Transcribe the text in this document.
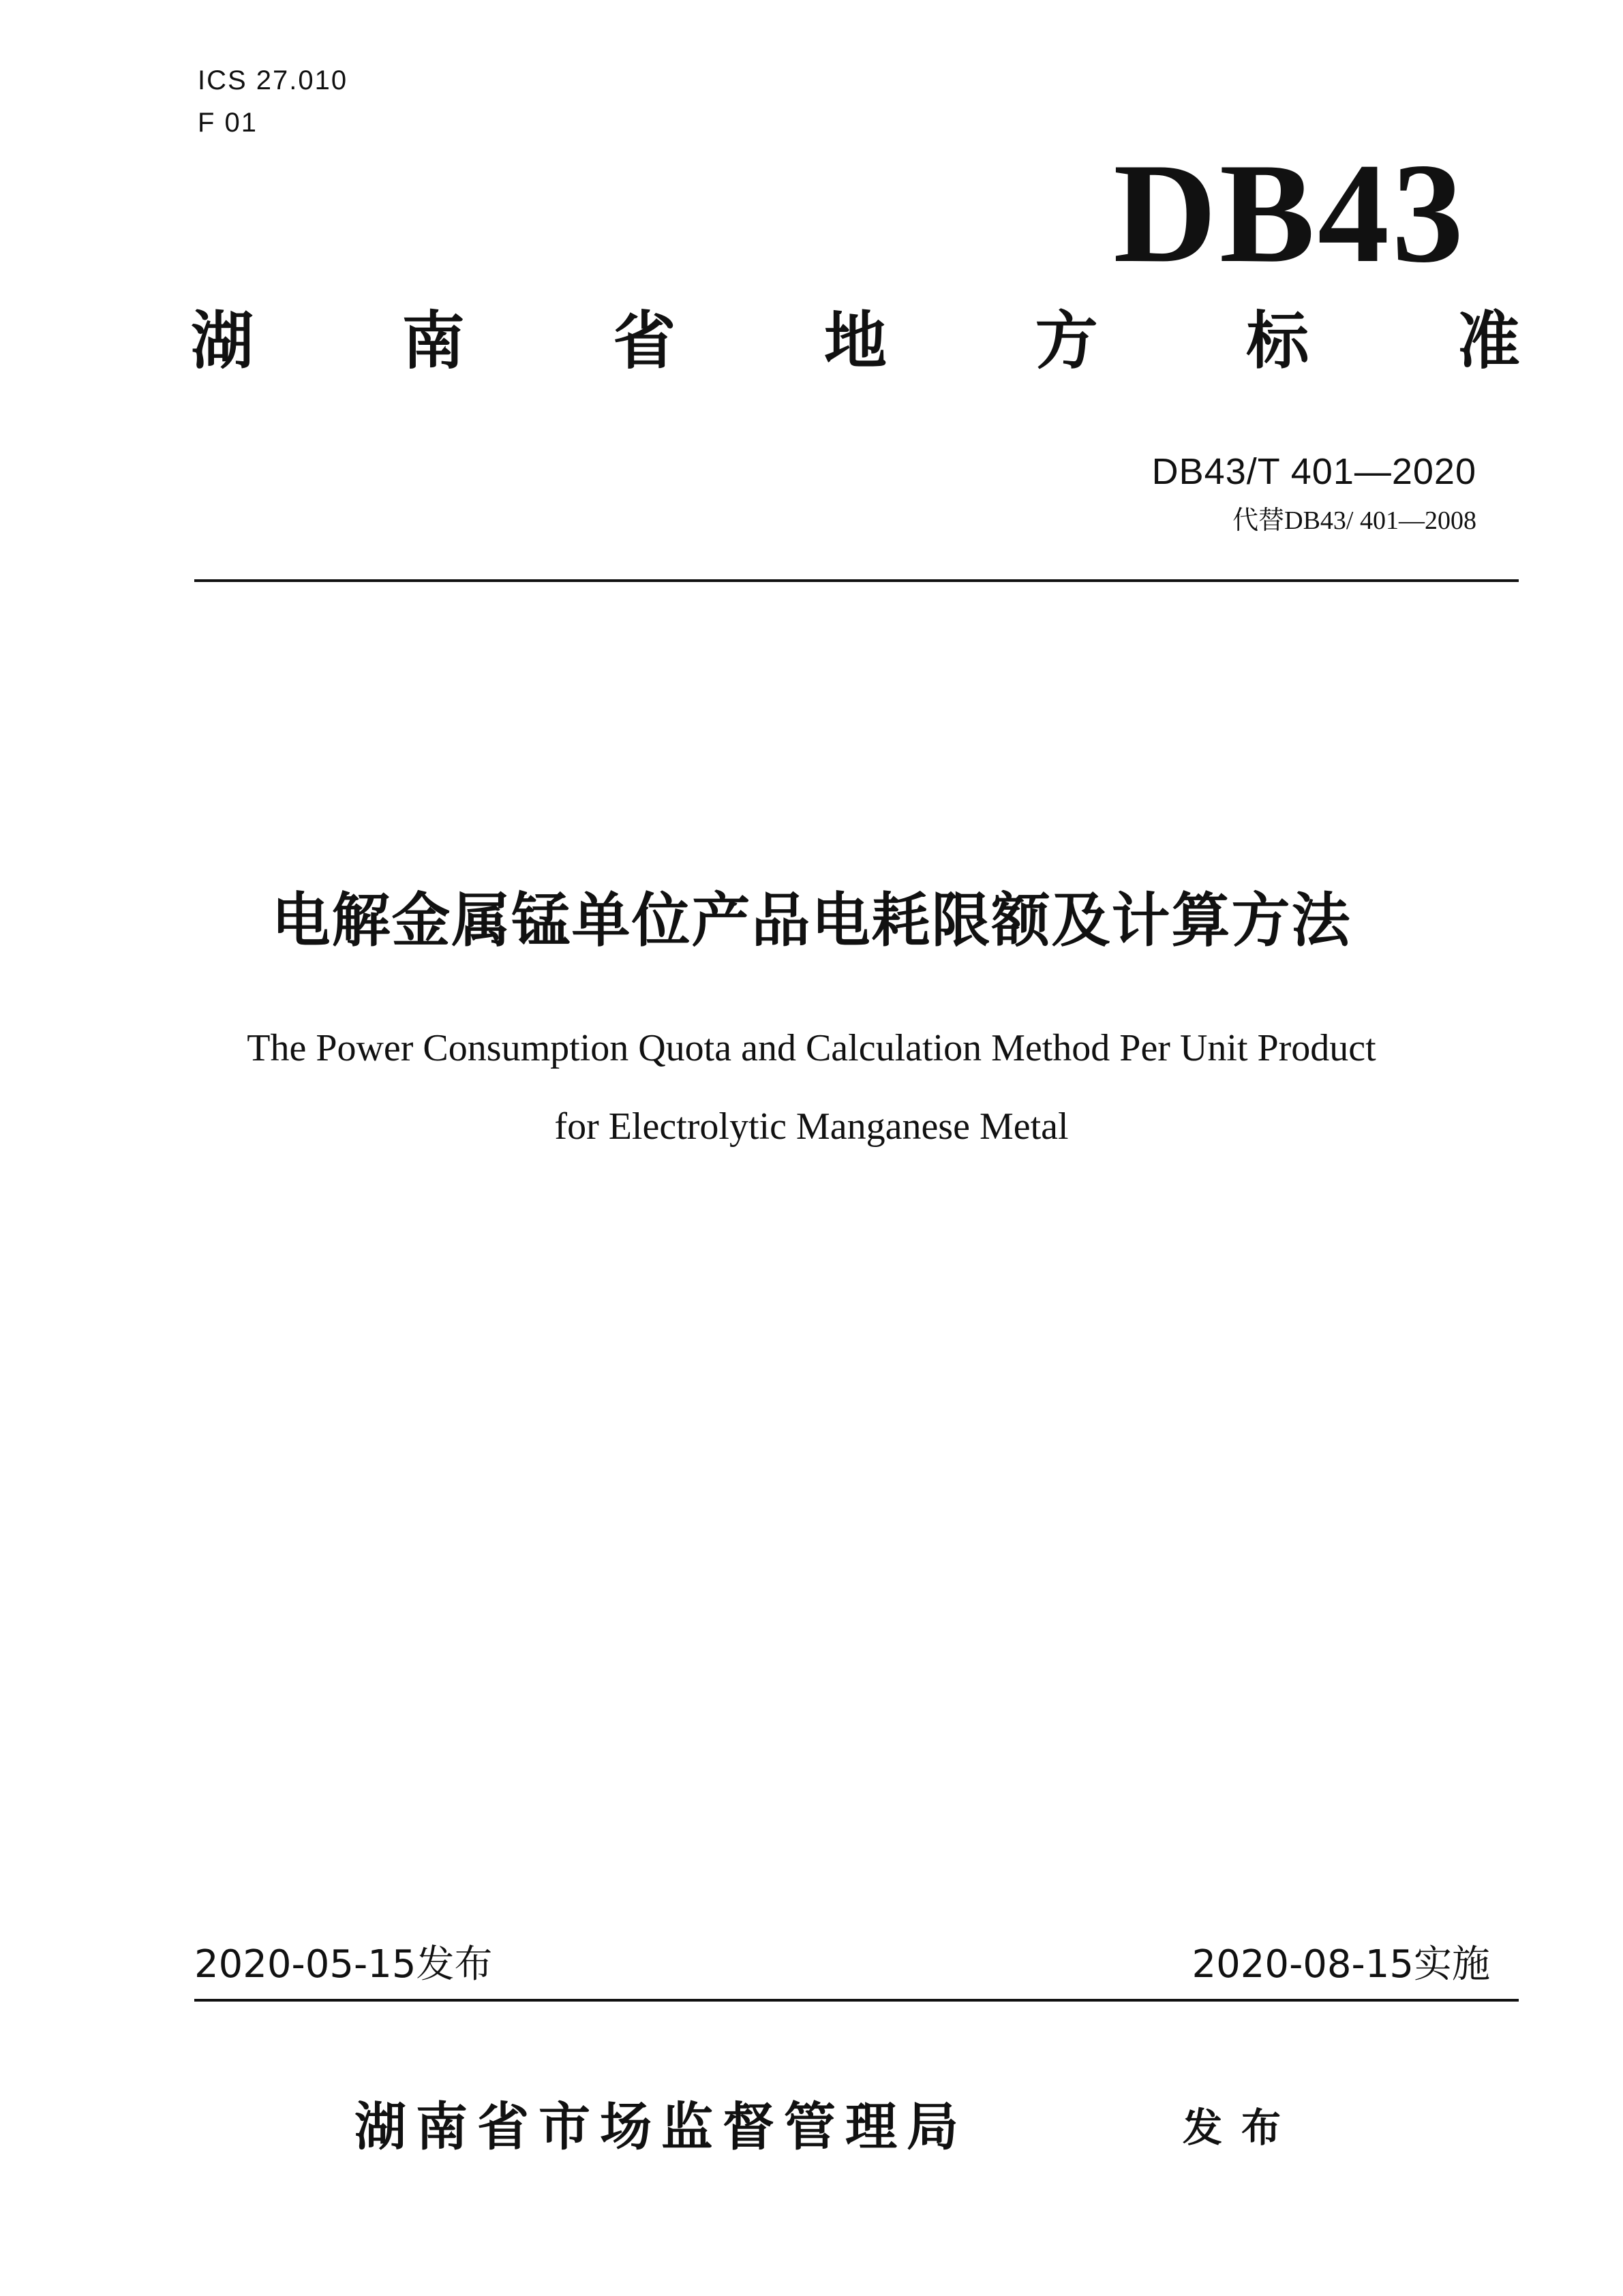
ICS 27.010
F 01
DB43
湖 南 省 地 方 标 准
DB43/T 401—2020
代替DB43/ 401—2008
电解金属锰单位产品电耗限额及计算方法
The Power Consumption Quota and Calculation Method Per Unit Product
for Electrolytic Manganese Metal
2020-05-15发布	2020-08-15实施
湖南省市场监督管理局	发布
